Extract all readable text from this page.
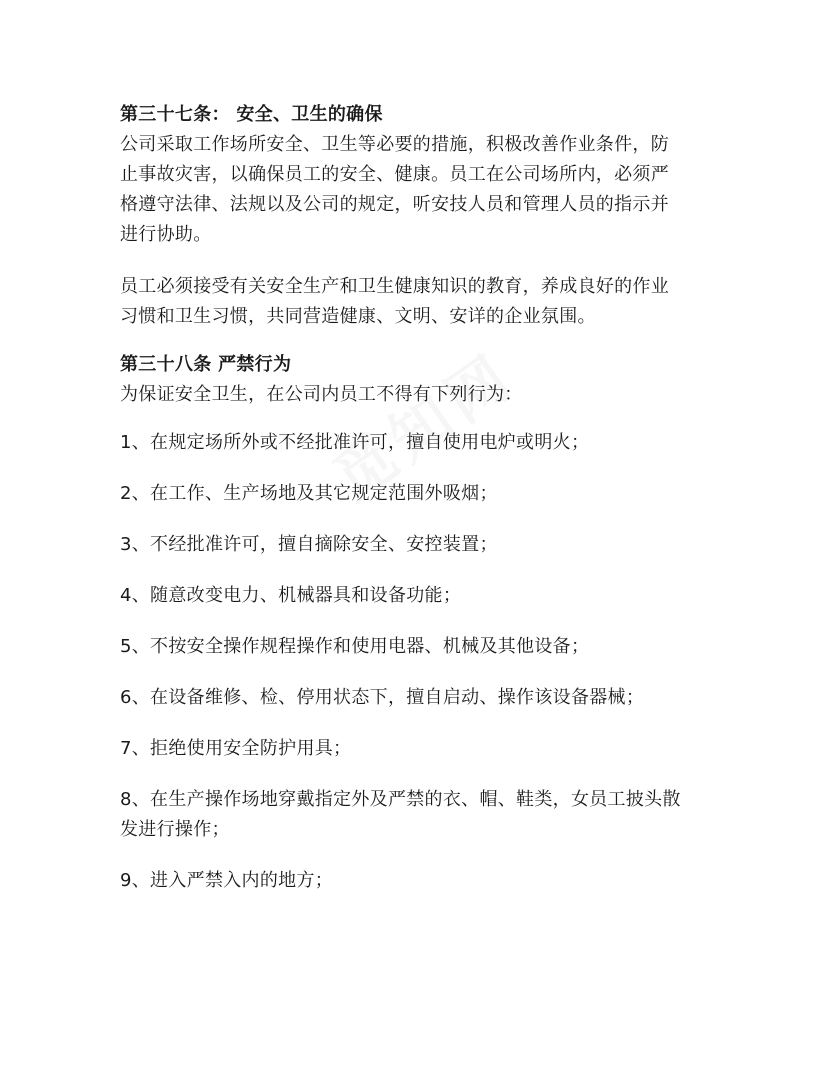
第三十七条： 安全、卫生的确保
公司采取工作场所安全、卫生等必要的措施，积极改善作业条件，防
止事故灾害，以确保员工的安全、健康。员工在公司场所内，必须严
格遵守法律、法规以及公司的规定，听安技人员和管理人员的指示并
进行协助。
员工必须接受有关安全生产和卫生健康知识的教育，养成良好的作业
习惯和卫生习惯，共同营造健康、文明、安详的企业氛围。
第三十八条 严禁行为
为保证安全卫生，在公司内员工不得有下列行为：
1、在规定场所外或不经批准许可，擅自使用电炉或明火；
2、在工作、生产场地及其它规定范围外吸烟；
3、不经批准许可，擅自摘除安全、安控装置；
4、随意改变电力、机械器具和设备功能；
5、不按安全操作规程操作和使用电器、机械及其他设备；
6、在设备维修、检、停用状态下，擅自启动、操作该设备器械；
7、拒绝使用安全防护用具；
8、在生产操作场地穿戴指定外及严禁的衣、帽、鞋类，女员工披头散
发进行操作；
9、进入严禁入内的地方；
